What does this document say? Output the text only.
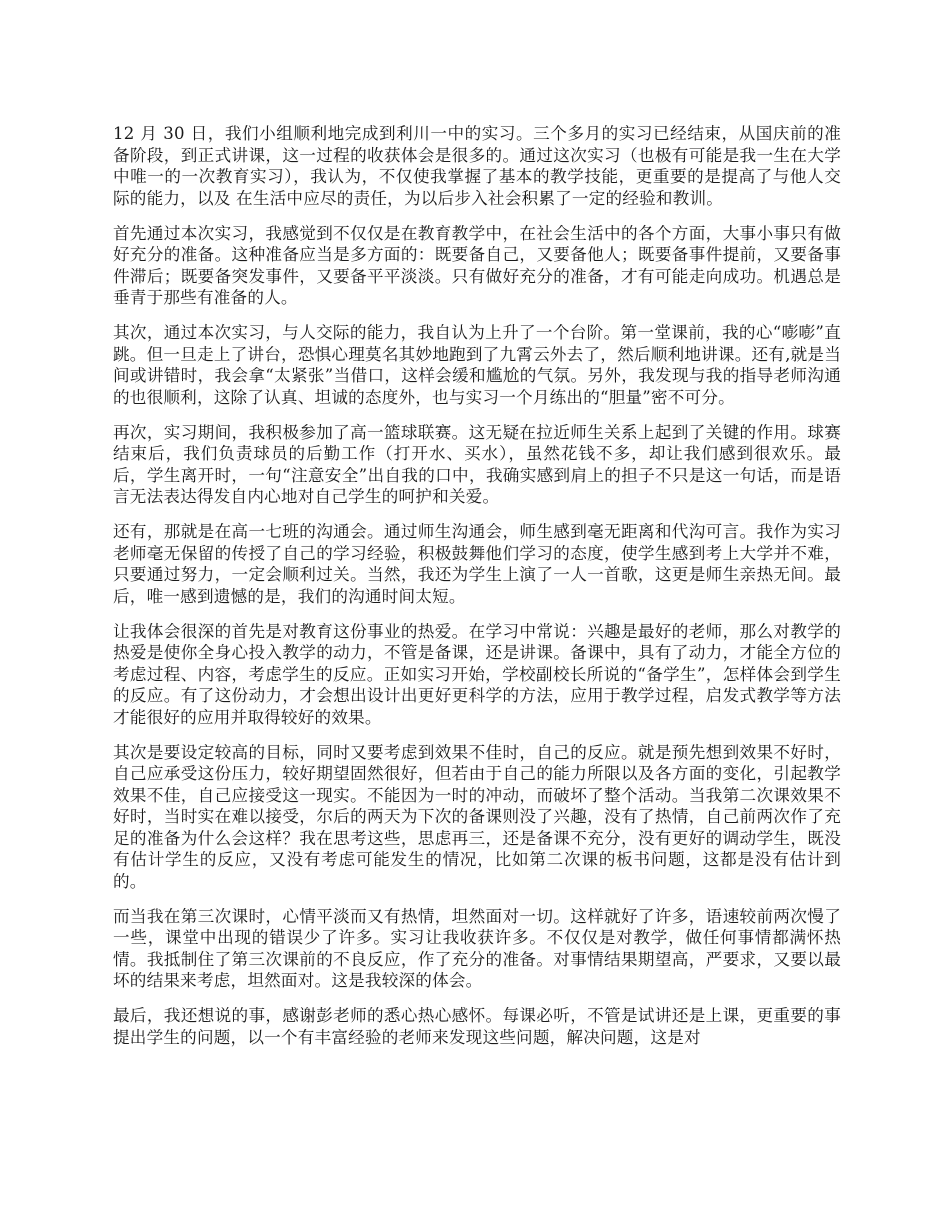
12 月 30 日，我们小组顺利地完成到利川一中的实习。三个多月的实习已经结束，从国庆前的准备阶段，到正式讲课，这一过程的收获体会是很多的。通过这次实习（也极有可能是我一生在大学中唯一的一次教育实习），我认为，不仅使我掌握了基本的教学技能，更重要的是提高了与他人交际的能力，以及 在生活中应尽的责任，为以后步入社会积累了一定的经验和教训。

首先通过本次实习，我感觉到不仅仅是在教育教学中，在社会生活中的各个方面，大事小事只有做好充分的准备。这种准备应当是多方面的：既要备自己，又要备他人；既要备事件提前，又要备事件滞后；既要备突发事件，又要备平平淡淡。只有做好充分的准备，才有可能走向成功。机遇总是垂青于那些有准备的人。

其次，通过本次实习，与人交际的能力，我自认为上升了一个台阶。第一堂课前，我的心“嘭嘭”直跳。但一旦走上了讲台，恐惧心理莫名其妙地跑到了九霄云外去了，然后顺利地讲课。还有,就是当间或讲错时，我会拿“太紧张”当借口，这样会缓和尴尬的气氛。另外，我发现与我的指导老师沟通的也很顺利，这除了认真、坦诚的态度外，也与实习一个月练出的“胆量”密不可分。

再次，实习期间，我积极参加了高一篮球联赛。这无疑在拉近师生关系上起到了关键的作用。球赛结束后，我们负责球员的后勤工作（打开水、买水），虽然花钱不多，却让我们感到很欢乐。最后，学生离开时，一句“注意安全”出自我的口中，我确实感到肩上的担子不只是这一句话，而是语言无法表达得发自内心地对自己学生的呵护和关爱。

还有，那就是在高一七班的沟通会。通过师生沟通会，师生感到毫无距离和代沟可言。我作为实习老师毫无保留的传授了自己的学习经验，积极鼓舞他们学习的态度，使学生感到考上大学并不难，只要通过努力，一定会顺利过关。当然，我还为学生上演了一人一首歌，这更是师生亲热无间。最后，唯一感到遗憾的是，我们的沟通时间太短。

让我体会很深的首先是对教育这份事业的热爱。在学习中常说：兴趣是最好的老师，那么对教学的热爱是使你全身心投入教学的动力，不管是备课，还是讲课。备课中，具有了动力，才能全方位的考虑过程、内容，考虑学生的反应。正如实习开始，学校副校长所说的“备学生”，怎样体会到学生的反应。有了这份动力，才会想出设计出更好更科学的方法，应用于教学过程，启发式教学等方法才能很好的应用并取得较好的效果。

其次是要设定较高的目标，同时又要考虑到效果不佳时，自己的反应。就是预先想到效果不好时，自己应承受这份压力，较好期望固然很好，但若由于自己的能力所限以及各方面的变化，引起教学效果不佳，自己应接受这一现实。不能因为一时的冲动，而破坏了整个活动。当我第二次课效果不好时，当时实在难以接受，尔后的两天为下次的备课则没了兴趣，没有了热情，自己前两次作了充足的准备为什么会这样？我在思考这些，思虑再三，还是备课不充分，没有更好的调动学生，既没有估计学生的反应，又没有考虑可能发生的情况，比如第二次课的板书问题，这都是没有估计到的。

而当我在第三次课时，心情平淡而又有热情，坦然面对一切。这样就好了许多，语速较前两次慢了一些，课堂中出现的错误少了许多。实习让我收获许多。不仅仅是对教学，做任何事情都满怀热情。我抵制住了第三次课前的不良反应，作了充分的准备。对事情结果期望高，严要求，又要以最坏的结果来考虑，坦然面对。这是我较深的体会。

最后，我还想说的事，感谢彭老师的悉心热心感怀。每课必听，不管是试讲还是上课，更重要的事提出学生的问题，以一个有丰富经验的老师来发现这些问题，解决问题，这是对
